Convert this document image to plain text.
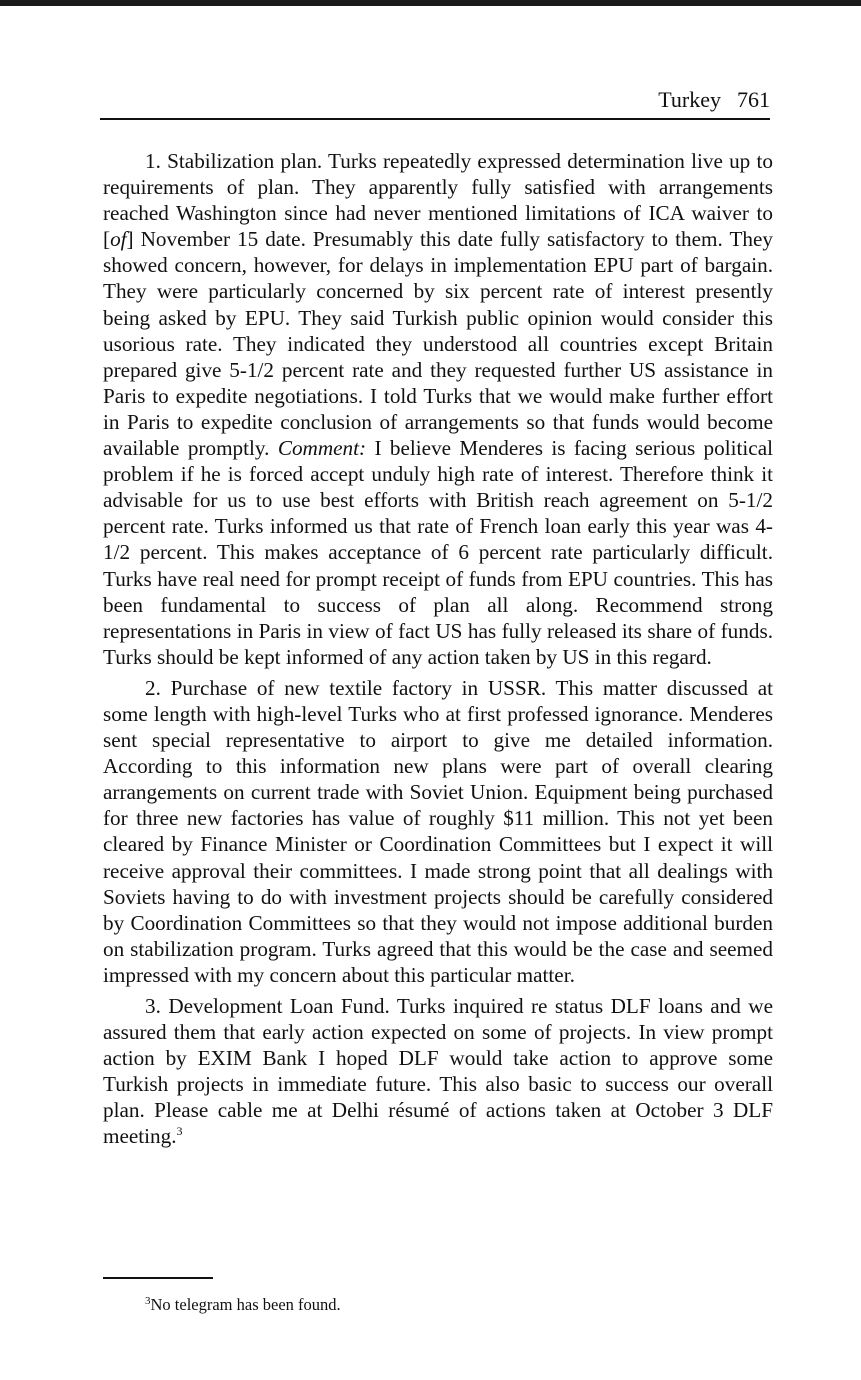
Turkey 761

1. Stabilization plan. Turks repeatedly expressed determination live up to requirements of plan. They apparently fully satisfied with arrangements reached Washington since had never mentioned limitations of ICA waiver to [of] November 15 date. Presumably this date fully satisfactory to them. They showed concern, however, for delays in implementation EPU part of bargain. They were particularly concerned by six percent rate of interest presently being asked by EPU. They said Turkish public opinion would consider this usorious rate. They indicated they understood all countries except Britain prepared give 5-1/2 percent rate and they requested further US assistance in Paris to expedite negotiations. I told Turks that we would make further effort in Paris to expedite conclusion of arrangements so that funds would become available promptly. Comment: I believe Menderes is facing serious political problem if he is forced accept unduly high rate of interest. Therefore think it advisable for us to use best efforts with British reach agreement on 5-1/2 percent rate. Turks informed us that rate of French loan early this year was 4-1/2 percent. This makes acceptance of 6 percent rate particularly difficult. Turks have real need for prompt receipt of funds from EPU countries. This has been fundamental to success of plan all along. Recommend strong representations in Paris in view of fact US has fully released its share of funds. Turks should be kept informed of any action taken by US in this regard.

2. Purchase of new textile factory in USSR. This matter discussed at some length with high-level Turks who at first professed ignorance. Menderes sent special representative to airport to give me detailed information. According to this information new plans were part of overall clearing arrangements on current trade with Soviet Union. Equipment being purchased for three new factories has value of roughly $11 million. This not yet been cleared by Finance Minister or Coordination Committees but I expect it will receive approval their committees. I made strong point that all dealings with Soviets having to do with investment projects should be carefully considered by Coordination Committees so that they would not impose additional burden on stabilization program. Turks agreed that this would be the case and seemed impressed with my concern about this particular matter.

3. Development Loan Fund. Turks inquired re status DLF loans and we assured them that early action expected on some of projects. In view prompt action by EXIM Bank I hoped DLF would take action to approve some Turkish projects in immediate future. This also basic to success our overall plan. Please cable me at Delhi résumé of actions taken at October 3 DLF meeting.$^3$

$^3$No telegram has been found.
